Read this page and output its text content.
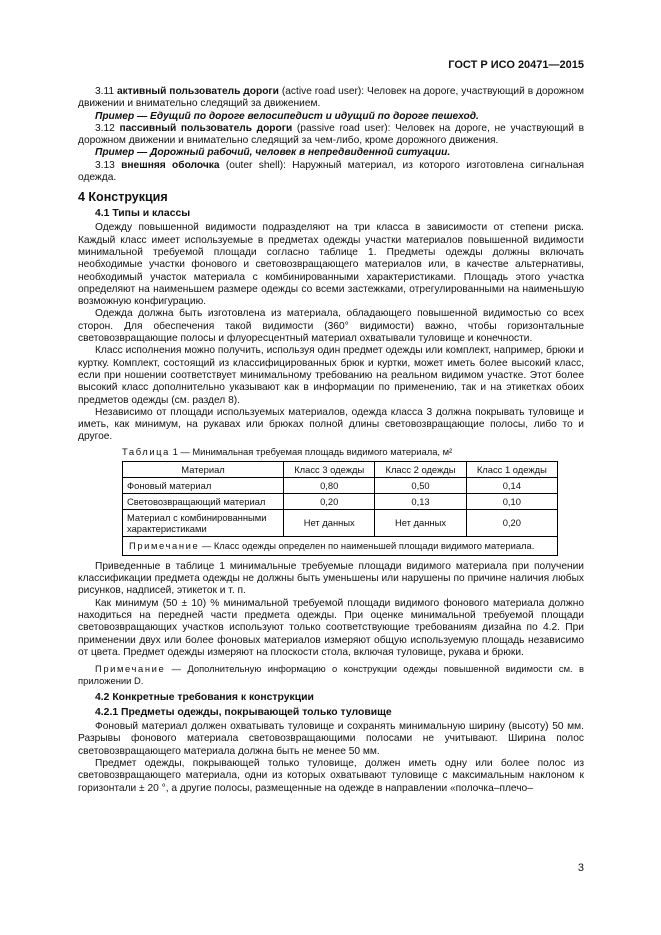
ГОСТ Р ИСО 20471—2015

3.11 активный пользователь дороги (active road user): Человек на дороге, участвующий в дорожном движении и внимательно следящий за движением.

Пример — Едущий по дороге велосипедист и идущий по дороге пешеход.

3.12 пассивный пользователь дороги (passive road user): Человек на дороге, не участвующий в дорожном движении и внимательно следящий за чем-либо, кроме дорожного движения.

Пример — Дорожный рабочий, человек в непредвиденной ситуации.

3.13 внешняя оболочка (outer shell): Наружный материал, из которого изготовлена сигнальная одежда.

4 Конструкция
4.1 Типы и классы

Одежду повышенной видимости подразделяют на три класса в зависимости от степени риска. Каждый класс имеет используемые в предметах одежды участки материалов повышенной видимости минимальной требуемой площади согласно таблице 1. Предметы одежды должны включать необходимые участки фонового и световозвращающего материалов или, в качестве альтернативы, необходимый участок материала с комбинированными характеристиками. Площадь этого участка определяют на наименьшем размере одежды со всеми застежками, отрегулированными на наименьшую возможную конфигурацию.

Одежда должна быть изготовлена из материала, обладающего повышенной видимостью со всех сторон. Для обеспечения такой видимости (360° видимости) важно, чтобы горизонтальные световозвращающие полосы и флуоресцентный материал охватывали туловище и конечности.

Класс исполнения можно получить, используя один предмет одежды или комплект, например, брюки и куртку. Комплект, состоящий из классифицированных брюк и куртки, может иметь более высокий класс, если при ношении соответствует минимальному требованию на реальном видимом участке. Этот более высокий класс дополнительно указывают как в информации по применению, так и на этикетках обоих предметов одежды (см. раздел 8).

Независимо от площади используемых материалов, одежда класса 3 должна покрывать туловище и иметь, как минимум, на рукавах или брюках полной длины световозвращающие полосы, либо то и другое.

Таблица 1 — Минимальная требуемая площадь видимого материала, м²
Материал	Класс 3 одежды	Класс 2 одежды	Класс 1 одежды
Фоновый материал	0,80	0,50	0,14
Световозвращающий материал	0,20	0,13	0,10
Материал с комбинированными характеристиками	Нет данных	Нет данных	0,20
Примечание — Класс одежды определен по наименьшей площади видимого материала.			

Приведенные в таблице 1 минимальные требуемые площади видимого материала при получении классификации предмета одежды не должны быть уменьшены или нарушены по причине наличия любых рисунков, надписей, этикеток и т. п.

Как минимум (50 ± 10) % минимальной требуемой площади видимого фонового материала должно находиться на передней части предмета одежды. При оценке минимальной требуемой площади световозвращающих участков используют только соответствующие требованиям дизайна по 4.2. При применении двух или более фоновых материалов измеряют общую используемую площадь независимо от цвета. Предмет одежды измеряют на плоскости стола, включая туловище, рукава и брюки.

Примечание — Дополнительную информацию о конструкции одежды повышенной видимости см. в приложении D.
4.2 Конкретные требования к конструкции
4.2.1 Предметы одежды, покрывающей только туловище

Фоновый материал должен охватывать туловище и сохранять минимальную ширину (высоту) 50 мм. Разрывы фонового материала световозвращающими полосами не учитывают. Ширина полос световозвращающего материала должна быть не менее 50 мм.

Предмет одежды, покрывающей только туловище, должен иметь одну или более полос из световозвращающего материала, одни из которых охватывают туловище с максимальным наклоном к горизонтали ± 20 °, а другие полосы, размещенные на одежде в направлении «полочка–плечо–

3
